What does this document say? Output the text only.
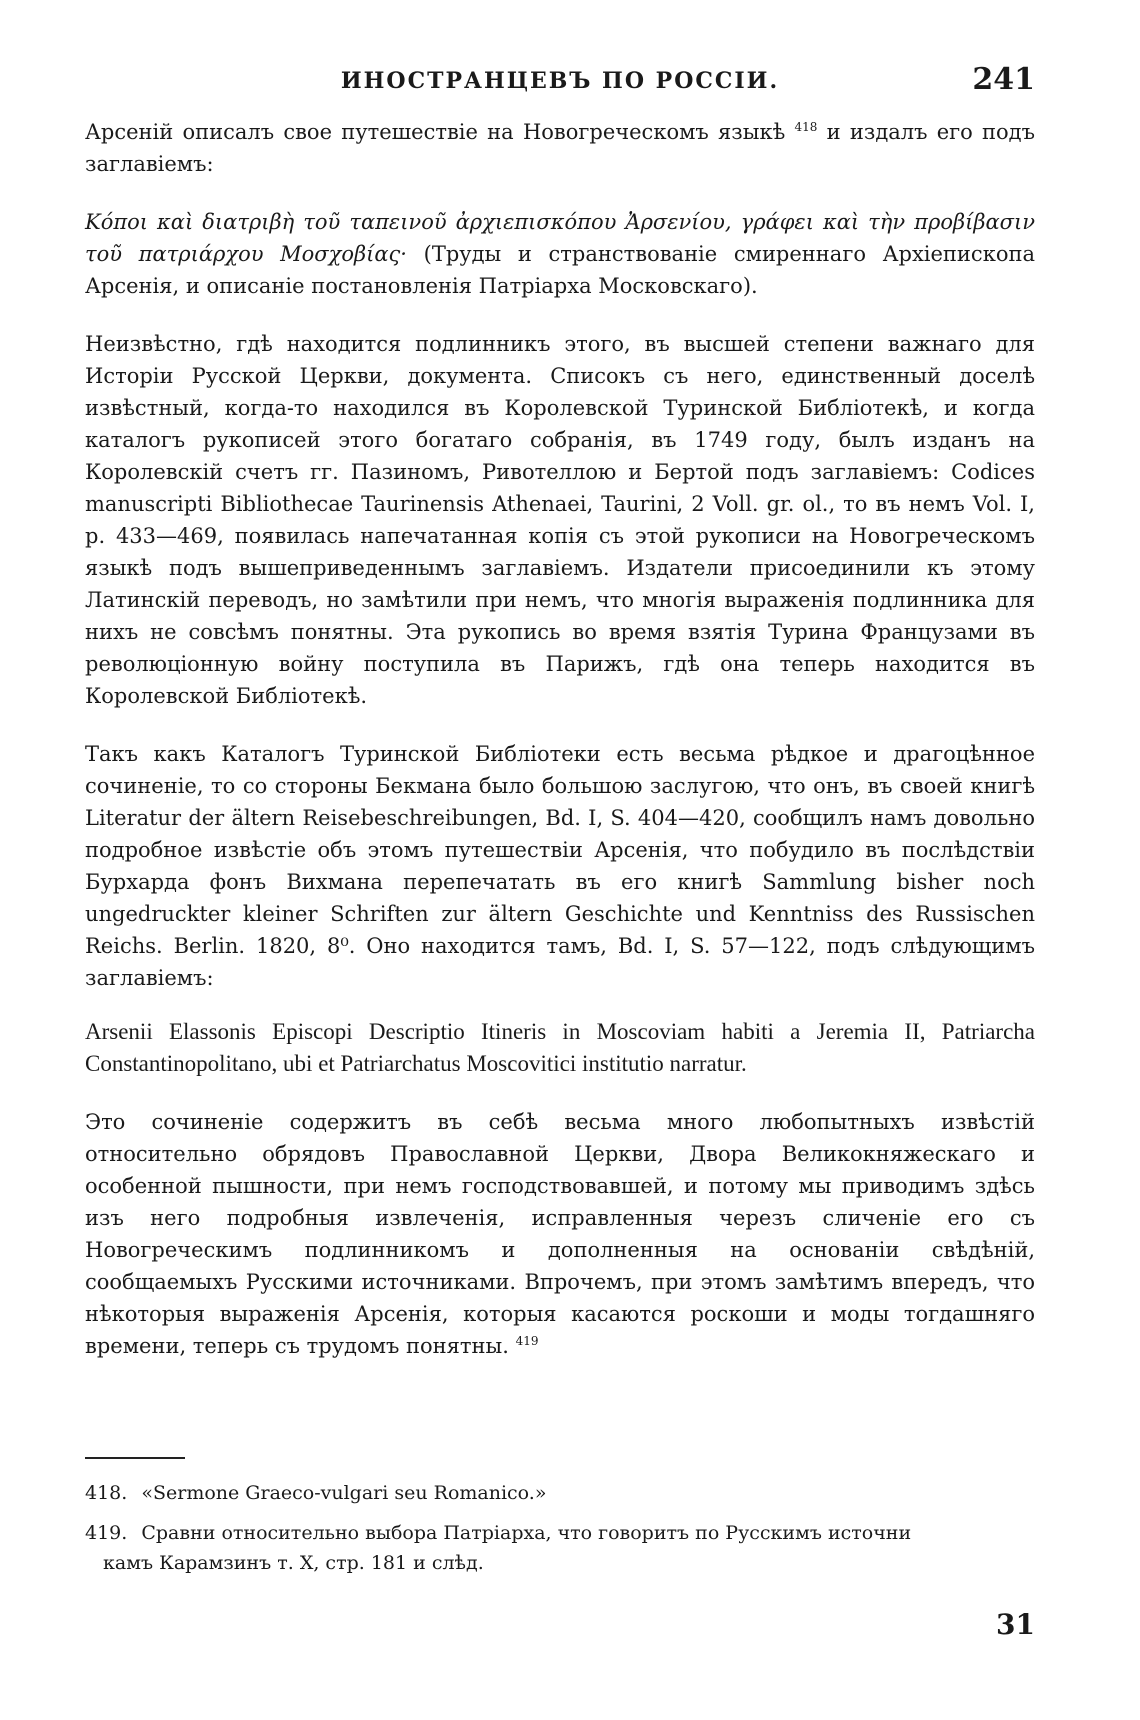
ИНОСТРАНЦЕВЪ ПО РОССІИ.	241

Арсеній описалъ свое путешествіе на Новогреческомъ языкѣ $^{418}$ и издалъ его подъ заглавіемъ:

Κόποι καὶ διατριβὴ τοῦ ταπεινοῦ ἀρχιεπισκόπου Ἀρσενίου, γράφει καὶ τὴν προβίβασιν τοῦ πατριάρχου Μοσχοβίας· (Труды и странствованіе смиреннаго Архіепископа Арсенія, и описаніе постановленія Патріарха Московскаго).

Неизвѣстно, гдѣ находится подлинникъ этого, въ высшей степени важнаго для Исторіи Русской Церкви, документа. Списокъ съ него, единственный доселѣ извѣстный, когда-то находился въ Королевской Туринской Библіотекѣ, и когда каталогъ рукописей этого богатаго собранія, въ 1749 году, былъ изданъ на Королевскій счетъ гг. Пазиномъ, Ривотеллою и Бертой подъ заглавіемъ: Codices manuscripti Bibliothecae Taurinensis Athenaei, Taurini, 2 Voll. gr. ol., то въ немъ Vol. I, p. 433—469, появилась напечатанная копія съ этой рукописи на Новогреческомъ языкѣ подъ вышеприведеннымъ заглавіемъ. Издатели присоединили къ этому Латинскій переводъ, но замѣтили при немъ, что многія выраженія подлинника для нихъ не совсѣмъ понятны. Эта рукопись во время взятія Турина Французами въ революціонную войну поступила въ Парижъ, гдѣ она теперь находится въ Королевской Библіотекѣ.

Такъ какъ Каталогъ Туринской Библіотеки есть весьма рѣдкое и драгоцѣнное сочиненіе, то со стороны Бекмана было большою заслугою, что онъ, въ своей книгѣ Literatur der ältern Reisebeschreibungen, Bd. I, S. 404—420, сообщилъ намъ довольно подробное извѣстіе объ этомъ путешествіи Арсенія, что побудило въ послѣдствіи Бурхарда фонъ Вихмана перепечатать въ его книгѣ Sammlung bisher noch ungedruckter kleiner Schriften zur ältern Geschichte und Kenntniss des Russischen Reichs. Berlin. 1820, 8⁰. Оно находится тамъ, Bd. I, S. 57—122, подъ слѣдующимъ заглавіемъ:

Arsenii Elassonis Episcopi Descriptio Itineris in Moscoviam habiti a Jeremia II, Patriarcha Constantinopolitano, ubi et Patriarchatus Moscovitici institutio narratur.

Это сочиненіе содержитъ въ себѣ весьма много любопытныхъ извѣстій относительно обрядовъ Православной Церкви, Двора Великокняжескаго и особенной пышности, при немъ господствовавшей, и потому мы приводимъ здѣсь изъ него подробныя извлеченія, исправленныя черезъ сличеніе его съ Новогреческимъ подлинникомъ и дополненныя на основаніи свѣдѣній, сообщаемыхъ Русскими источниками. Впрочемъ, при этомъ замѣтимъ впередъ, что нѣкоторыя выраженія Арсенія, которыя касаются роскоши и моды тогдашняго времени, теперь съ трудомъ понятны. $^{419}$

418. «Sermone Graeco-vulgari seu Romanico.»

419. Сравни относительно выбора Патріарха, что говоритъ по Русскимъ источни
камъ Карамзинъ т. X, стр. 181 и слѣд.

31
